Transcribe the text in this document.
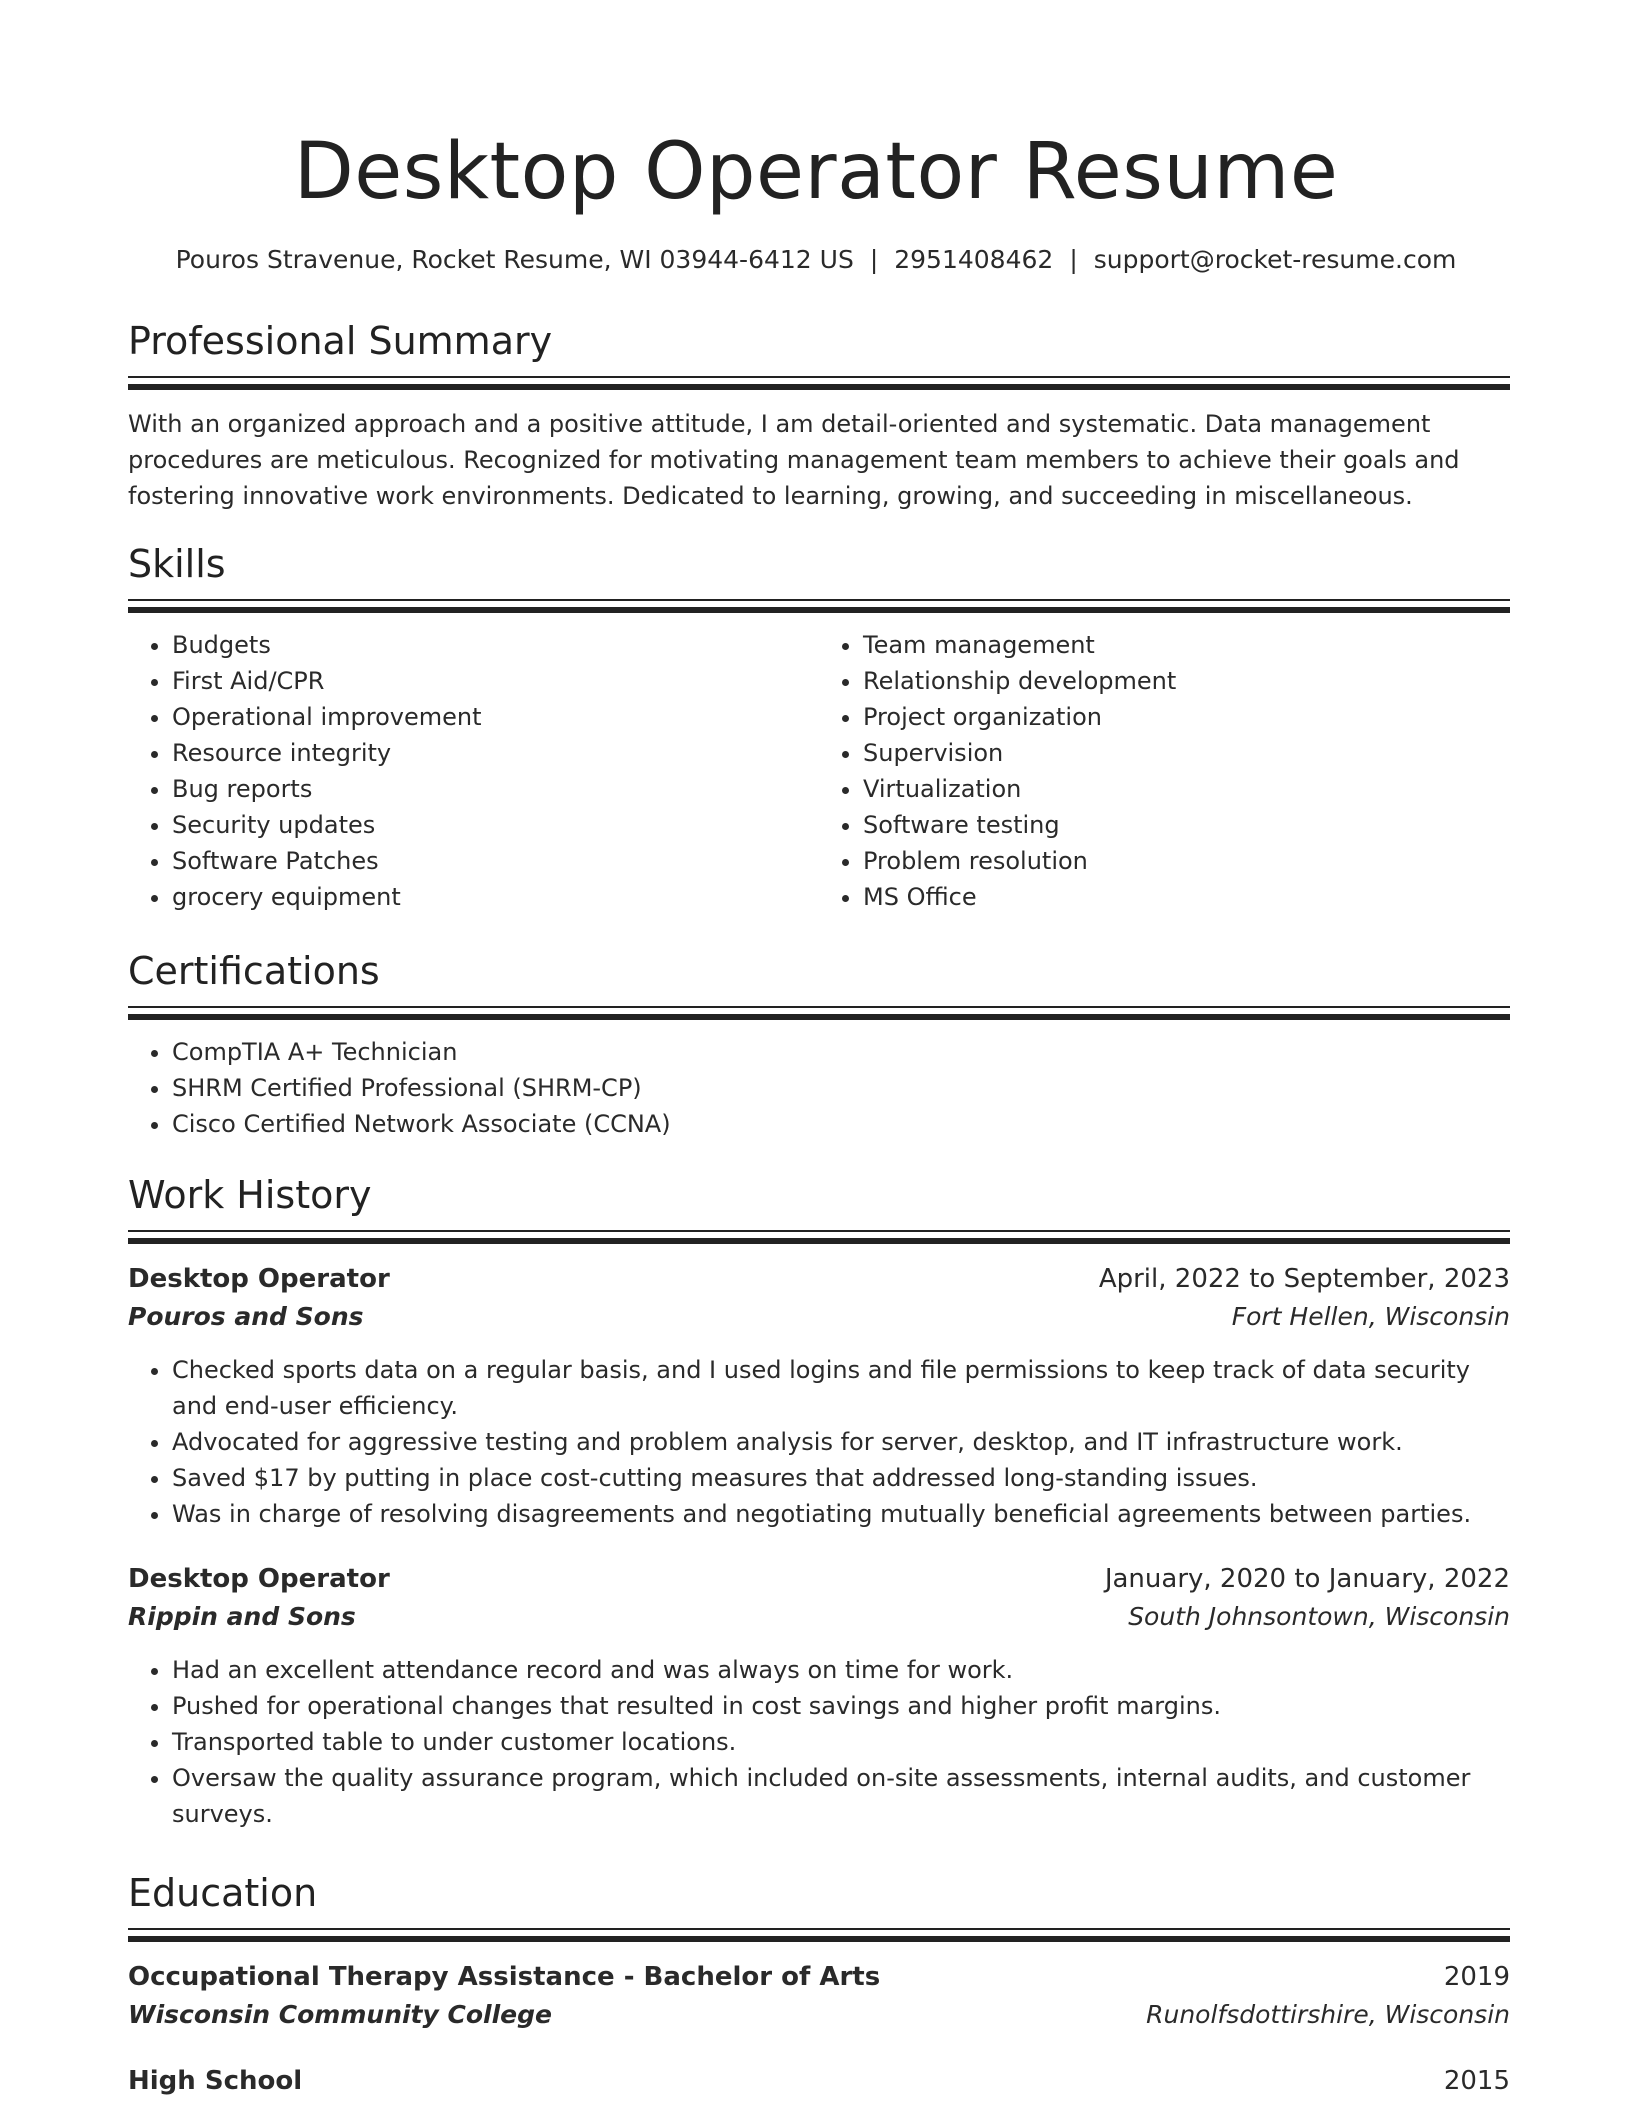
Desktop Operator Resume
Pouros Stravenue, Rocket Resume, WI 03944-6412 US | 2951408462 | support@rocket-resume.com
Professional Summary

With an organized approach and a positive attitude, I am detail-oriented and systematic. Data management procedures are meticulous. Recognized for motivating management team members to achieve their goals and fostering innovative work environments. Dedicated to learning, growing, and succeeding in miscellaneous.

Skills
• Budgets
• First Aid/CPR
• Operational improvement
• Resource integrity
• Bug reports
• Security updates
• Software Patches
• grocery equipment
• Team management
• Relationship development
• Project organization
• Supervision
• Virtualization
• Software testing
• Problem resolution
• MS Office
Certifications
• CompTIA A+ Technician
• SHRM Certified Professional (SHRM-CP)
• Cisco Certified Network Associate (CCNA)
Work History
Desktop Operator	April, 2022 to September, 2023
Pouros and Sons	Fort Hellen, Wisconsin
• Checked sports data on a regular basis, and I used logins and file permissions to keep track of data security and end-user efficiency.
• Advocated for aggressive testing and problem analysis for server, desktop, and IT infrastructure work.
• Saved $17 by putting in place cost-cutting measures that addressed long-standing issues.
• Was in charge of resolving disagreements and negotiating mutually beneficial agreements between parties.
Desktop Operator	January, 2020 to January, 2022
Rippin and Sons	South Johnsontown, Wisconsin
• Had an excellent attendance record and was always on time for work.
• Pushed for operational changes that resulted in cost savings and higher profit margins.
• Transported table to under customer locations.
• Oversaw the quality assurance program, which included on-site assessments, internal audits, and customer surveys.
Education
Occupational Therapy Assistance - Bachelor of Arts	2019
Wisconsin Community College	Runolfsdottirshire, Wisconsin
High School	2015
